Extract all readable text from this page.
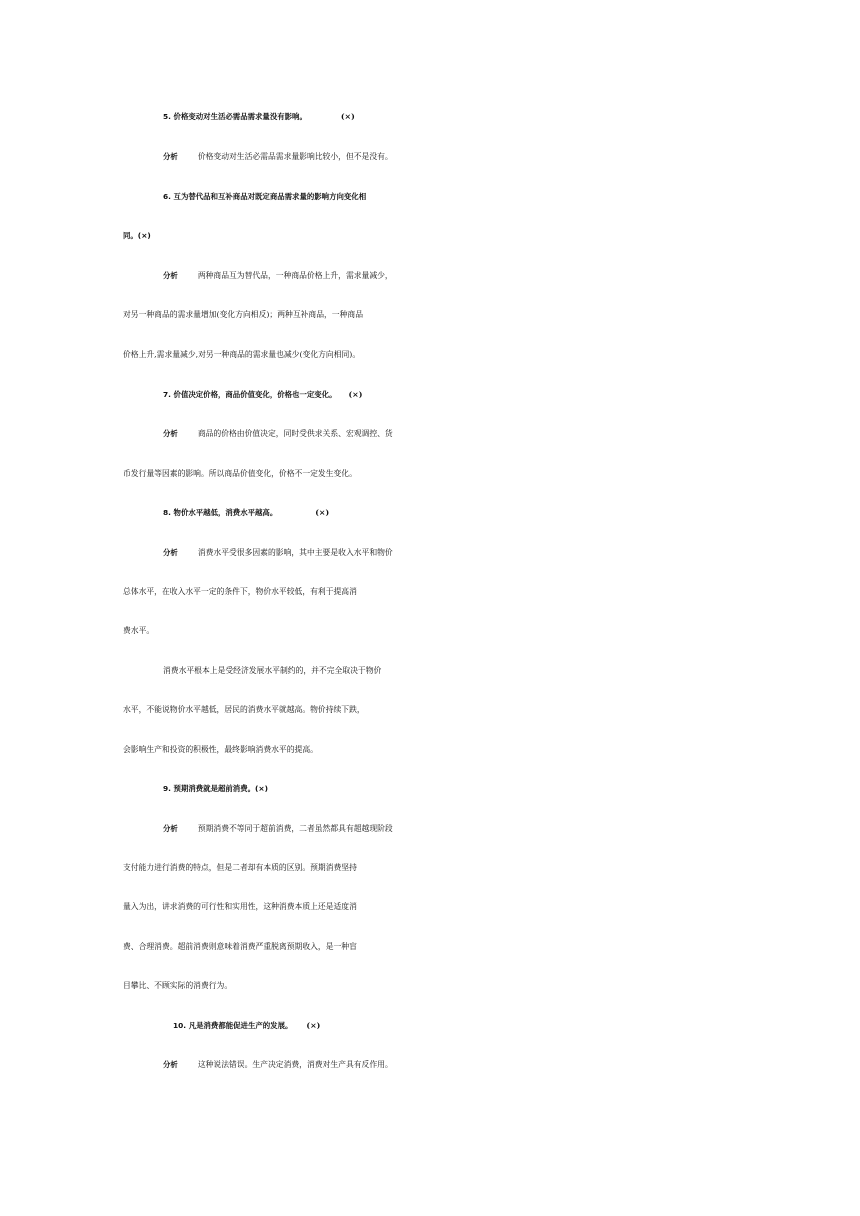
5. 价格变动对生活必需品需求量没有影响。	(×)
分析	价格变动对生活必需品需求量影响比较小，但不是没有。
6. 互为替代品和互补商品对既定商品需求量的影响方向变化相
同。(×)
分析	两种商品互为替代品，一种商品价格上升，需求量减少，
对另一种商品的需求量增加(变化方向相反)；两种互补商品，一种商品
价格上升,需求量减少,对另一种商品的需求量也减少(变化方向相同)。
7. 价值决定价格，商品价值变化，价格也一定变化。 (×)
分析	商品的价格由价值决定，同时受供求关系、宏观调控、货
币发行量等因素的影响。所以商品价值变化，价格不一定发生变化。
8. 物价水平越低，消费水平越高。	(×)
分析	消费水平受很多因素的影响，其中主要是收入水平和物价
总体水平，在收入水平一定的条件下，物价水平较低，有利于提高消
费水平。
消费水平根本上是受经济发展水平制约的，并不完全取决于物价
水平，不能说物价水平越低，居民的消费水平就越高。物价持续下跌，
会影响生产和投资的积极性，最终影响消费水平的提高。
9. 预期消费就是超前消费。(×)
分析	预期消费不等同于超前消费，二者虽然都具有超越现阶段
支付能力进行消费的特点，但是二者却有本质的区别。预期消费坚持
量入为出，讲求消费的可行性和实用性，这种消费本质上还是适度消
费、合理消费。超前消费则意味着消费严重脱离预期收入，是一种盲
目攀比、不顾实际的消费行为。
10. 凡是消费都能促进生产的发展。 (×)
分析	这种说法错误。生产决定消费，消费对生产具有反作用。
